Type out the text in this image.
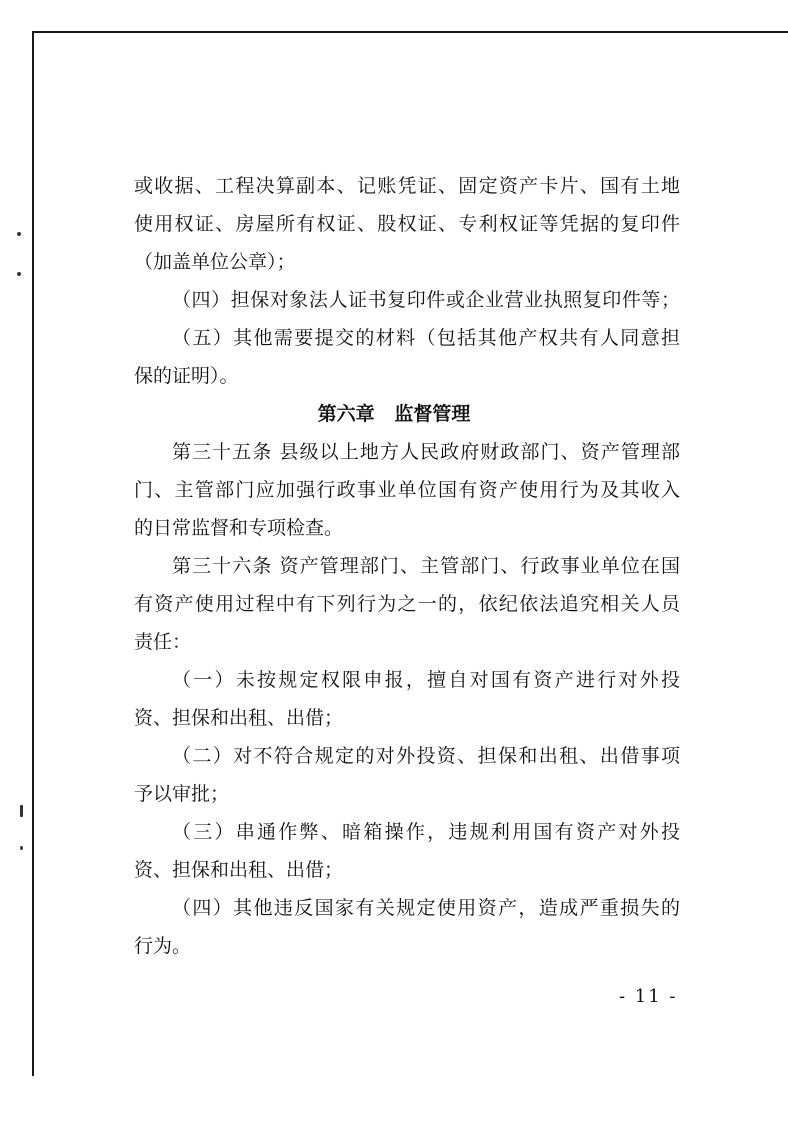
或收据、工程决算副本、记账凭证、固定资产卡片、国有土地
使用权证、房屋所有权证、股权证、专利权证等凭据的复印件
（加盖单位公章）；
（四）担保对象法人证书复印件或企业营业执照复印件等；
（五）其他需要提交的材料（包括其他产权共有人同意担
保的证明）。
第六章   监督管理
第三十五条 县级以上地方人民政府财政部门、资产管理部
门、主管部门应加强行政事业单位国有资产使用行为及其收入
的日常监督和专项检查。
第三十六条 资产管理部门、主管部门、行政事业单位在国
有资产使用过程中有下列行为之一的，依纪依法追究相关人员
责任：
（一）未按规定权限申报，擅自对国有资产进行对外投
资、担保和出租、出借；
（二）对不符合规定的对外投资、担保和出租、出借事项
予以审批；
（三）串通作弊、暗箱操作，违规利用国有资产对外投
资、担保和出租、出借；
（四）其他违反国家有关规定使用资产，造成严重损失的
行为。
- 11 -
